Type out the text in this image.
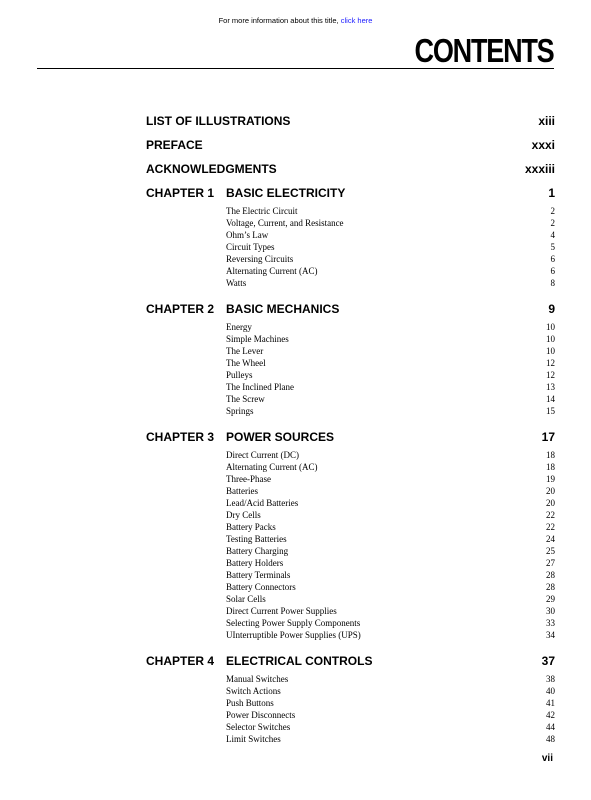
For more information about this title, click here
CONTENTS
LIST OF ILLUSTRATIONS	xiii
PREFACE	xxxi
ACKNOWLEDGMENTS	xxxiii
CHAPTER 1 BASIC ELECTRICITY	1
The Electric Circuit	2
Voltage, Current, and Resistance	2
Ohm’s Law	4
Circuit Types	5
Reversing Circuits	6
Alternating Current (AC)	6
Watts	8
CHAPTER 2 BASIC MECHANICS	9
Energy	10
Simple Machines	10
The Lever	10
The Wheel	12
Pulleys	12
The Inclined Plane	13
The Screw	14
Springs	15
CHAPTER 3 POWER SOURCES	17
Direct Current (DC)	18
Alternating Current (AC)	18
Three-Phase	19
Batteries	20
Lead/Acid Batteries	20
Dry Cells	22
Battery Packs	22
Testing Batteries	24
Battery Charging	25
Battery Holders	27
Battery Terminals	28
Battery Connectors	28
Solar Cells	29
Direct Current Power Supplies	30
Selecting Power Supply Components	33
UInterruptible Power Supplies (UPS)	34
CHAPTER 4 ELECTRICAL CONTROLS	37
Manual Switches	38
Switch Actions	40
Push Buttons	41
Power Disconnects	42
Selector Switches	44
Limit Switches	48
vii
